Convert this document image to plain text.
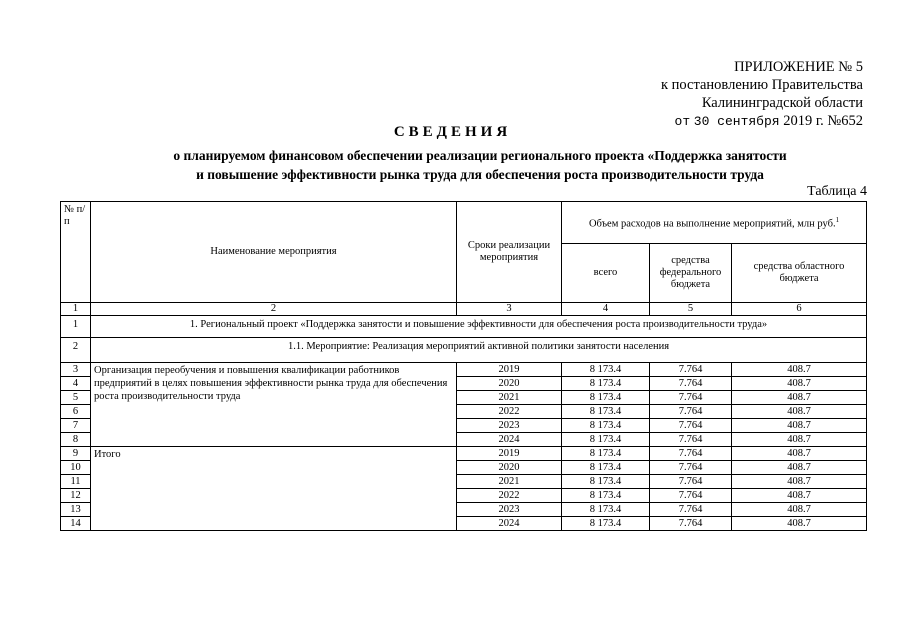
ПРИЛОЖЕНИЕ № 5
к постановлению Правительства
Калининградской области
от 30 сентября 2019 г. №652
СВЕДЕНИЯ
о планируемом финансовом обеспечении реализации регионального проекта «Поддержка занятости
и повышение эффективности рынка труда для обеспечения роста производительности труда
Таблица 4
№ п/п	Наименование мероприятия	Сроки реализации мероприятия	Объем расходов на выполнение мероприятий, млн руб.$^1$
			всего	средства федерального бюджета	средства областного бюджета
1	2	3	4	5	6
1	1. Региональный проект «Поддержка занятости и повышение эффективности для обеспечения роста производительности труда»				
2	1.1. Мероприятие: Реализация мероприятий активной политики занятости населения				
3	Организация переобучения и повышения квалификации работников предприятий в целях повышения эффективности рынка труда для обеспечения роста производительности труда	2019	8 173.4	7.764	408.7
4		2020	8 173.4	7.764	408.7
5		2021	8 173.4	7.764	408.7
6		2022	8 173.4	7.764	408.7
7		2023	8 173.4	7.764	408.7
8		2024	8 173.4	7.764	408.7
9	Итого	2019	8 173.4	7.764	408.7
10		2020	8 173.4	7.764	408.7
11		2021	8 173.4	7.764	408.7
12		2022	8 173.4	7.764	408.7
13		2023	8 173.4	7.764	408.7
14		2024	8 173.4	7.764	408.7
